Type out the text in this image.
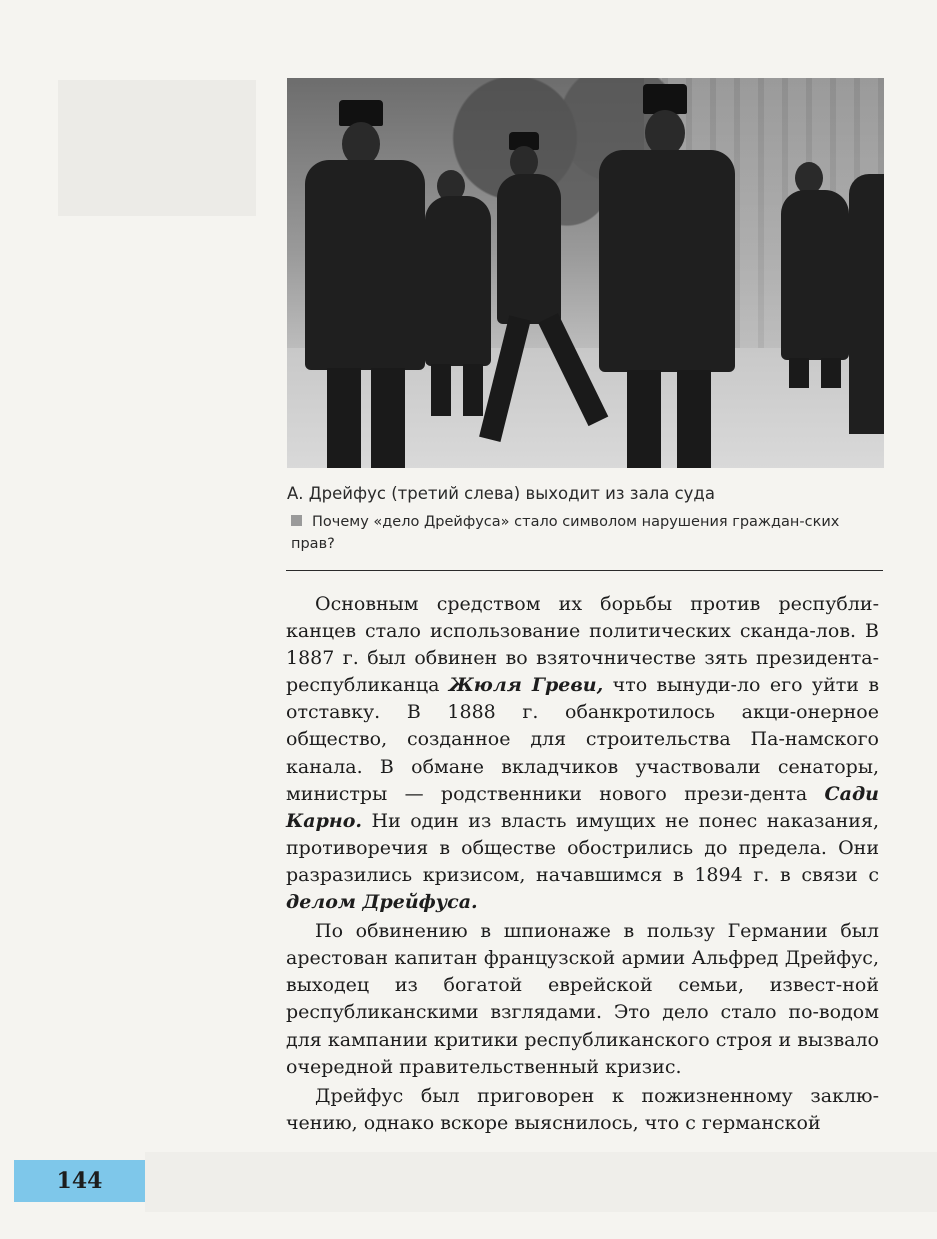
А. Дрейфус (третий слева) выходит из зала суда
Почему «дело Дрейфуса» стало символом нарушения граждан-ских прав?

Основным средством их борьбы против республи-канцев стало использование политических сканда-лов. В 1887 г. был обвинен во взяточничестве зять президента-республиканца Жюля Греви, что вынуди-ло его уйти в отставку. В 1888 г. обанкротилось акци-онерное общество, созданное для строительства Па-намского канала. В обмане вкладчиков участвовали сенаторы, министры — родственники нового прези-дента Сади Карно. Ни один из власть имущих не понес наказания, противоречия в обществе обострились до предела. Они разразились кризисом, начавшимся в 1894 г. в связи с делом Дрейфуса.

По обвинению в шпионаже в пользу Германии был арестован капитан французской армии Альфред Дрейфус, выходец из богатой еврейской семьи, извест-ной республиканскими взглядами. Это дело стало по-водом для кампании критики республиканского строя и вызвало очередной правительственный кризис.

Дрейфус был приговорен к пожизненному заклю-чению, однако вскоре выяснилось, что с германской

144
